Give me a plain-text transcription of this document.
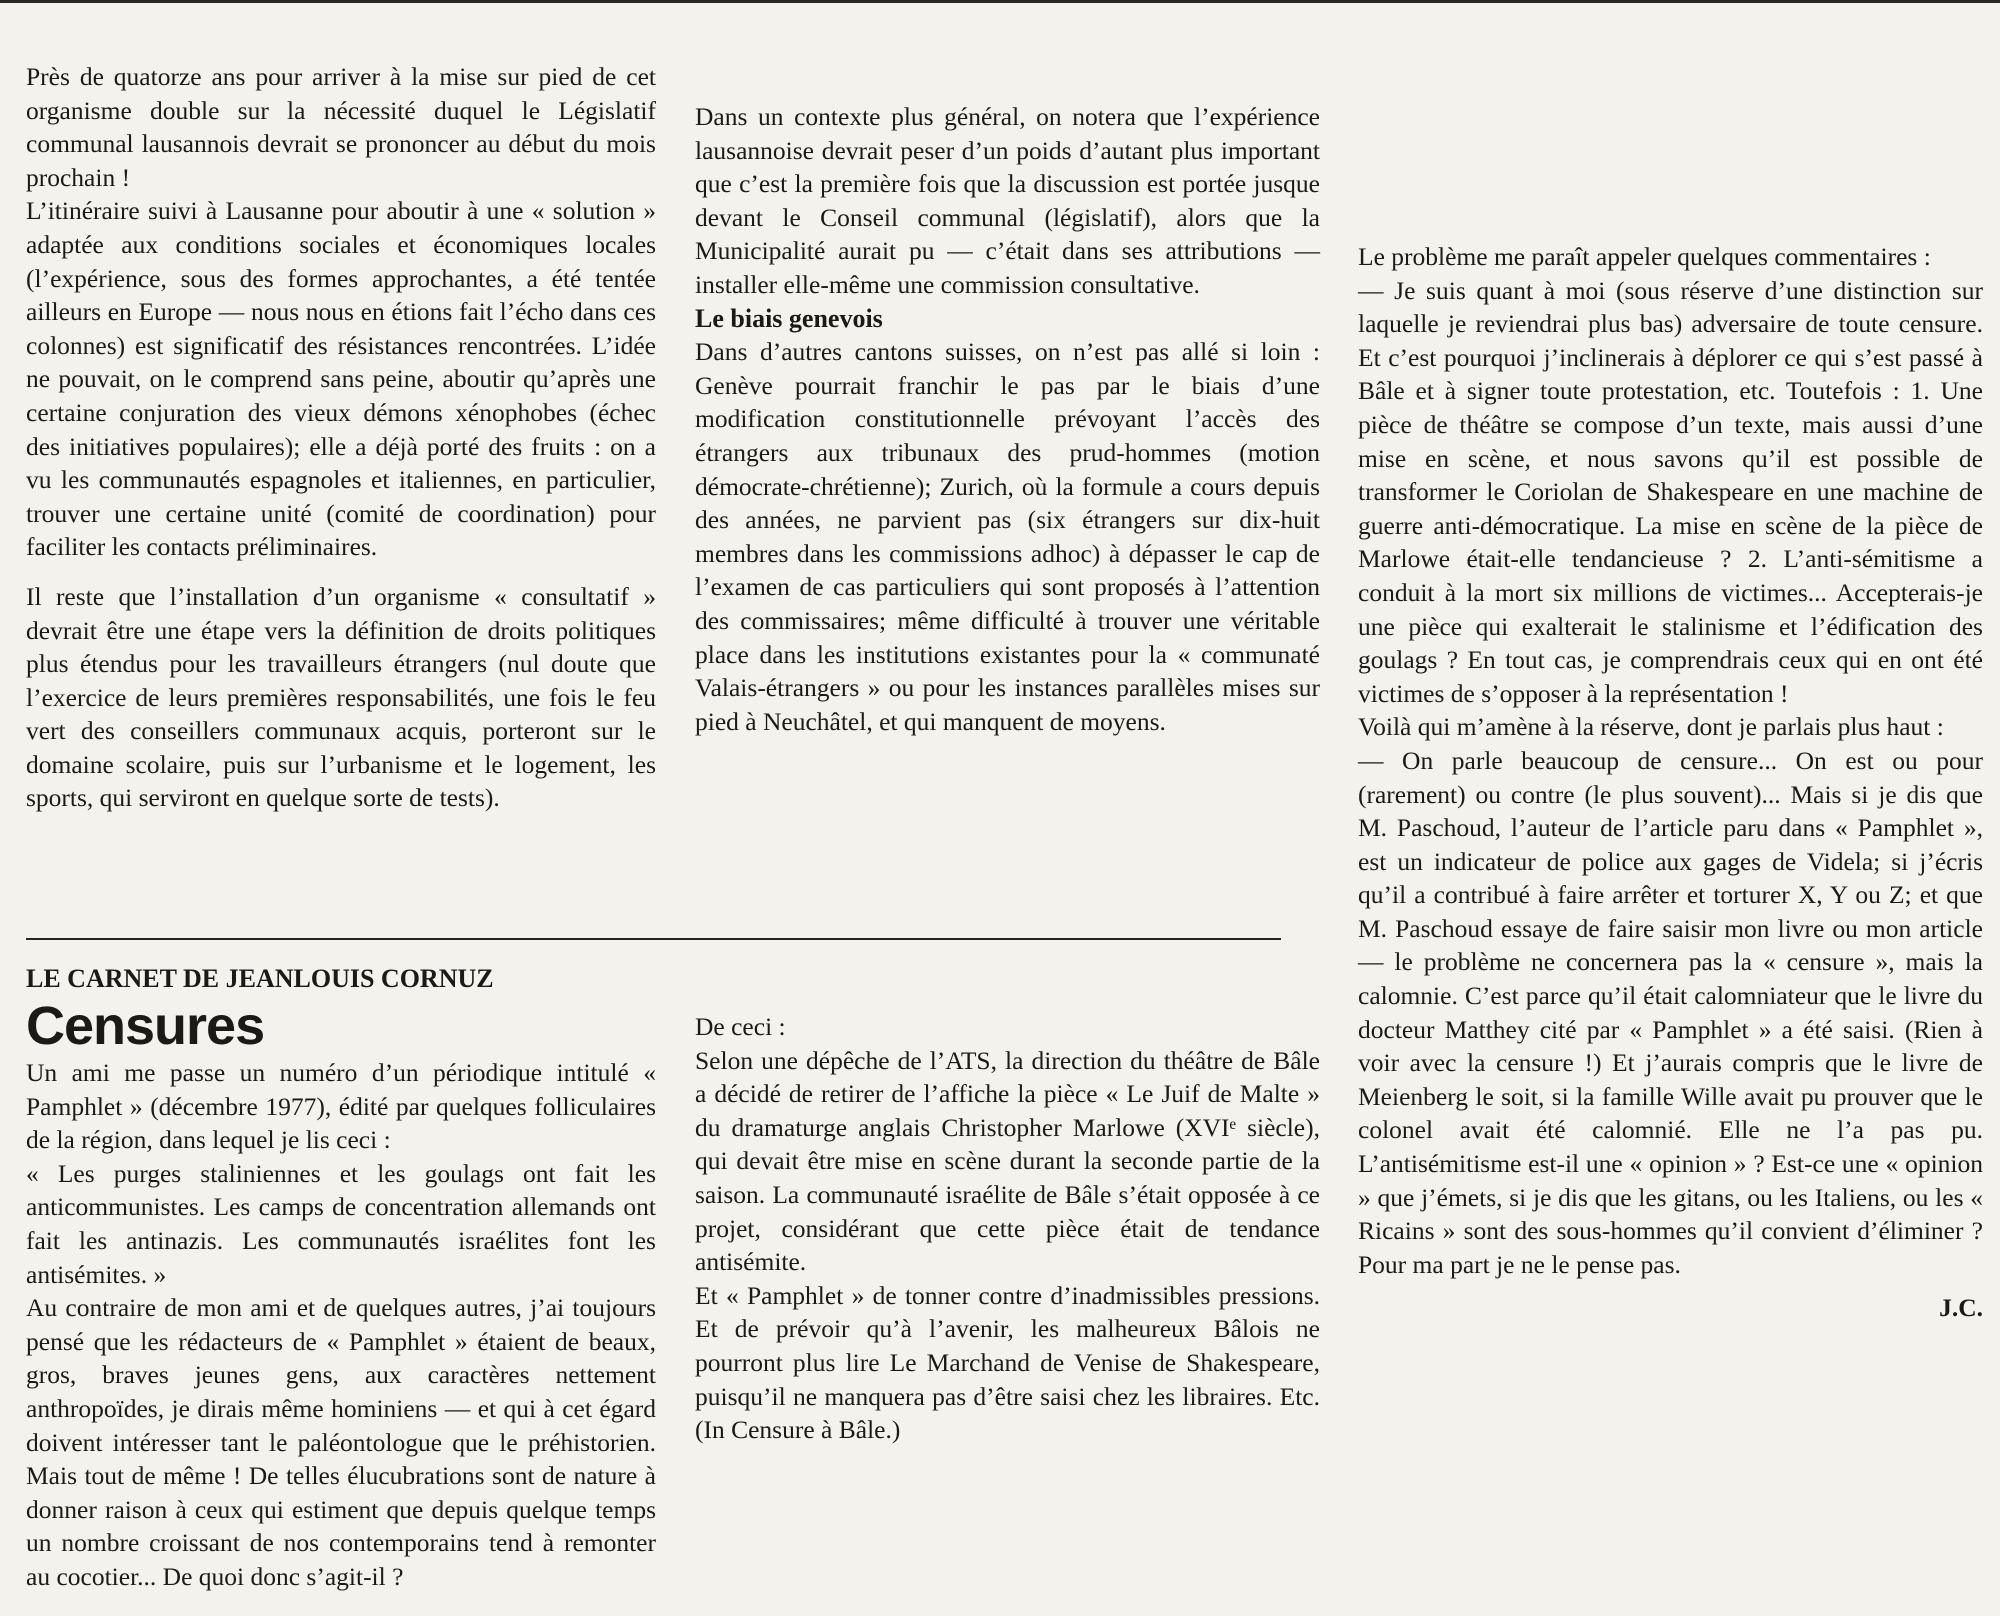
Près de quatorze ans pour arriver à la mise sur pied de cet organisme double sur la nécessité duquel le Législatif communal lausannois devrait se prononcer au début du mois prochain !

L’itinéraire suivi à Lausanne pour aboutir à une « solution » adaptée aux conditions sociales et économiques locales (l’expérience, sous des formes approchantes, a été tentée ailleurs en Europe — nous nous en étions fait l’écho dans ces colonnes) est significatif des résistances rencontrées. L’idée ne pouvait, on le comprend sans peine, aboutir qu’après une certaine conjuration des vieux démons xénophobes (échec des initiatives populaires); elle a déjà porté des fruits : on a vu les communautés espagnoles et italiennes, en particulier, trouver une certaine unité (comité de coordination) pour faciliter les contacts préliminaires.

Il reste que l’installation d’un organisme « consultatif » devrait être une étape vers la définition de droits politiques plus étendus pour les travailleurs étrangers (nul doute que l’exercice de leurs premières responsabilités, une fois le feu vert des conseillers communaux acquis, porteront sur le domaine scolaire, puis sur l’urbanisme et le logement, les sports, qui serviront en quelque sorte de tests).

Dans un contexte plus général, on notera que l’expérience lausannoise devrait peser d’un poids d’autant plus important que c’est la première fois que la discussion est portée jusque devant le Conseil communal (législatif), alors que la Municipalité aurait pu — c’était dans ses attributions — installer elle-même une commission consultative.

Le biais genevois

Dans d’autres cantons suisses, on n’est pas allé si loin : Genève pourrait franchir le pas par le biais d’une modification constitutionnelle prévoyant l’accès des étrangers aux tribunaux des prud-hommes (motion démocrate-chrétienne); Zurich, où la formule a cours depuis des années, ne parvient pas (six étrangers sur dix-huit membres dans les commissions adhoc) à dépasser le cap de l’examen de cas particuliers qui sont proposés à l’attention des commissaires; même difficulté à trouver une véritable place dans les institutions existantes pour la « communaté Valais-étrangers » ou pour les instances parallèles mises sur pied à Neuchâtel, et qui manquent de moyens.

LE CARNET DE JEANLOUIS CORNUZ

Censures

Un ami me passe un numéro d’un périodique intitulé « Pamphlet » (décembre 1977), édité par quelques folliculaires de la région, dans lequel je lis ceci :

« Les purges staliniennes et les goulags ont fait les anticommunistes. Les camps de concentration allemands ont fait les antinazis. Les communautés israélites font les antisémites. »

Au contraire de mon ami et de quelques autres, j’ai toujours pensé que les rédacteurs de « Pamphlet » étaient de beaux, gros, braves jeunes gens, aux caractères nettement anthropoïdes, je dirais même hominiens — et qui à cet égard doivent intéresser tant le paléontologue que le préhistorien. Mais tout de même ! De telles élucubrations sont de nature à donner raison à ceux qui estiment que depuis quelque temps un nombre croissant de nos contemporains tend à remonter au cocotier... De quoi donc s’agit-il ?

De ceci :

Selon une dépêche de l’ATS, la direction du théâtre de Bâle a décidé de retirer de l’affiche la pièce « Le Juif de Malte » du dramaturge anglais Christopher Marlowe (XVIᵉ siècle), qui devait être mise en scène durant la seconde partie de la saison. La communauté israélite de Bâle s’était opposée à ce projet, considérant que cette pièce était de tendance antisémite.

Et « Pamphlet » de tonner contre d’inadmissibles pressions. Et de prévoir qu’à l’avenir, les malheureux Bâlois ne pourront plus lire Le Marchand de Venise de Shakespeare, puisqu’il ne manquera pas d’être saisi chez les libraires. Etc. (In Censure à Bâle.)

Le problème me paraît appeler quelques commentaires :

— Je suis quant à moi (sous réserve d’une distinction sur laquelle je reviendrai plus bas) adversaire de toute censure. Et c’est pourquoi j’inclinerais à déplorer ce qui s’est passé à Bâle et à signer toute protestation, etc. Toutefois : 1. Une pièce de théâtre se compose d’un texte, mais aussi d’une mise en scène, et nous savons qu’il est possible de transformer le Coriolan de Shakespeare en une machine de guerre anti-démocratique. La mise en scène de la pièce de Marlowe était-elle tendancieuse ? 2. L’anti-sémitisme a conduit à la mort six millions de victimes... Accepterais-je une pièce qui exalterait le stalinisme et l’édification des goulags ? En tout cas, je comprendrais ceux qui en ont été victimes de s’opposer à la représentation !

Voilà qui m’amène à la réserve, dont je parlais plus haut :

— On parle beaucoup de censure... On est ou pour (rarement) ou contre (le plus souvent)... Mais si je dis que M. Paschoud, l’auteur de l’article paru dans « Pamphlet », est un indicateur de police aux gages de Videla; si j’écris qu’il a contribué à faire arrêter et torturer X, Y ou Z; et que M. Paschoud essaye de faire saisir mon livre ou mon article — le problème ne concernera pas la « censure », mais la calomnie. C’est parce qu’il était calomniateur que le livre du docteur Matthey cité par « Pamphlet » a été saisi. (Rien à voir avec la censure !) Et j’aurais compris que le livre de Meienberg le soit, si la famille Wille avait pu prouver que le colonel avait été calomnié. Elle ne l’a pas pu. L’antisémitisme est-il une « opinion » ? Est-ce une « opinion » que j’émets, si je dis que les gitans, ou les Italiens, ou les « Ricains » sont des sous-hommes qu’il convient d’éliminer ? Pour ma part je ne le pense pas.

J.C.
